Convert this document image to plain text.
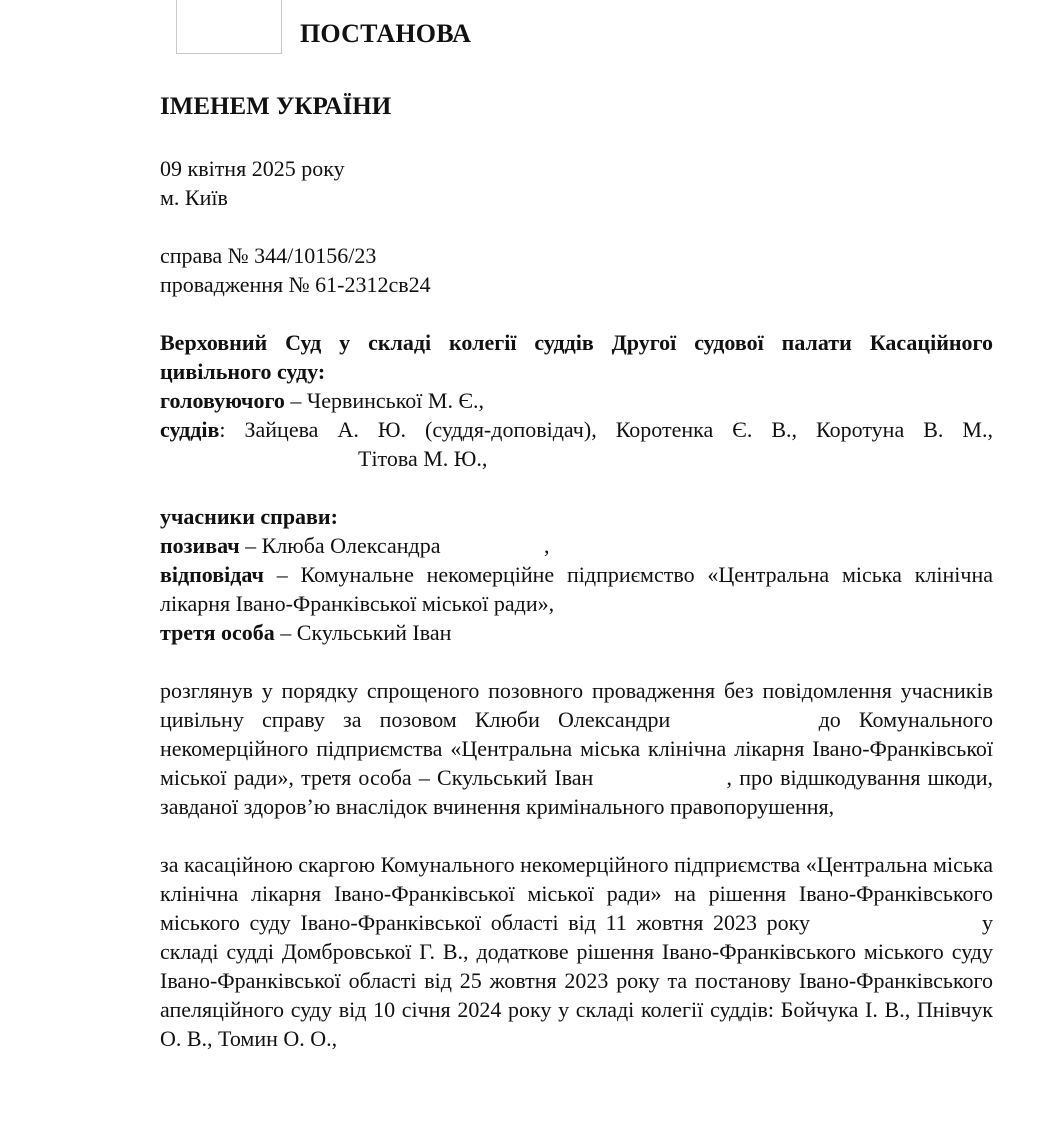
ПОСТАНОВА

ІМЕНЕМ УКРАЇНИ

09 квітня 2025 року

м. Київ

справа № 344/10156/23

провадження № 61-2312св24

Верховний Суд у складі колегії суддів Другої судової палати Касаційного цивільного суду:

головуючого – Червинської М. Є.,

суддів: Зайцева А. Ю. (суддя-доповідач), Коротенка Є. В., Коротуна В. М.,Тітова М. Ю.,

учасники справи:

позивач – Клюба Олександра	,

відповідач – Комунальне некомерційне підприємство «Центральна міська клінічна лікарня Івано-Франківської міської ради»,

третя особа – Скульський Іван

розглянув у порядку спрощеного позовного провадження без повідомлення учасників цивільну справу за позовом Клюби Олександри	до Комунального некомерційного підприємства «Центральна міська клінічна лікарня Івано-Франківської міської ради», третя особа – Скульський Іван	, про відшкодування шкоди, завданої здоров’ю внаслідок вчинення кримінального правопорушення,

за касаційною скаргою Комунального некомерційного підприємства «Центральна міська клінічна лікарня Івано-Франківської міської ради» на рішення Івано-Франківського міського суду Івано-Франківської області від 11 жовтня 2023 року	у складі судді Домбровської Г. В., додаткове рішення Івано-Франківського міського суду Івано-Франківської області від 25 жовтня 2023 року та постанову Івано-Франківського апеляційного суду від 10 січня 2024 року у складі колегії суддів: Бойчука І. В., Пнівчук О. В., Томин О. О.,
